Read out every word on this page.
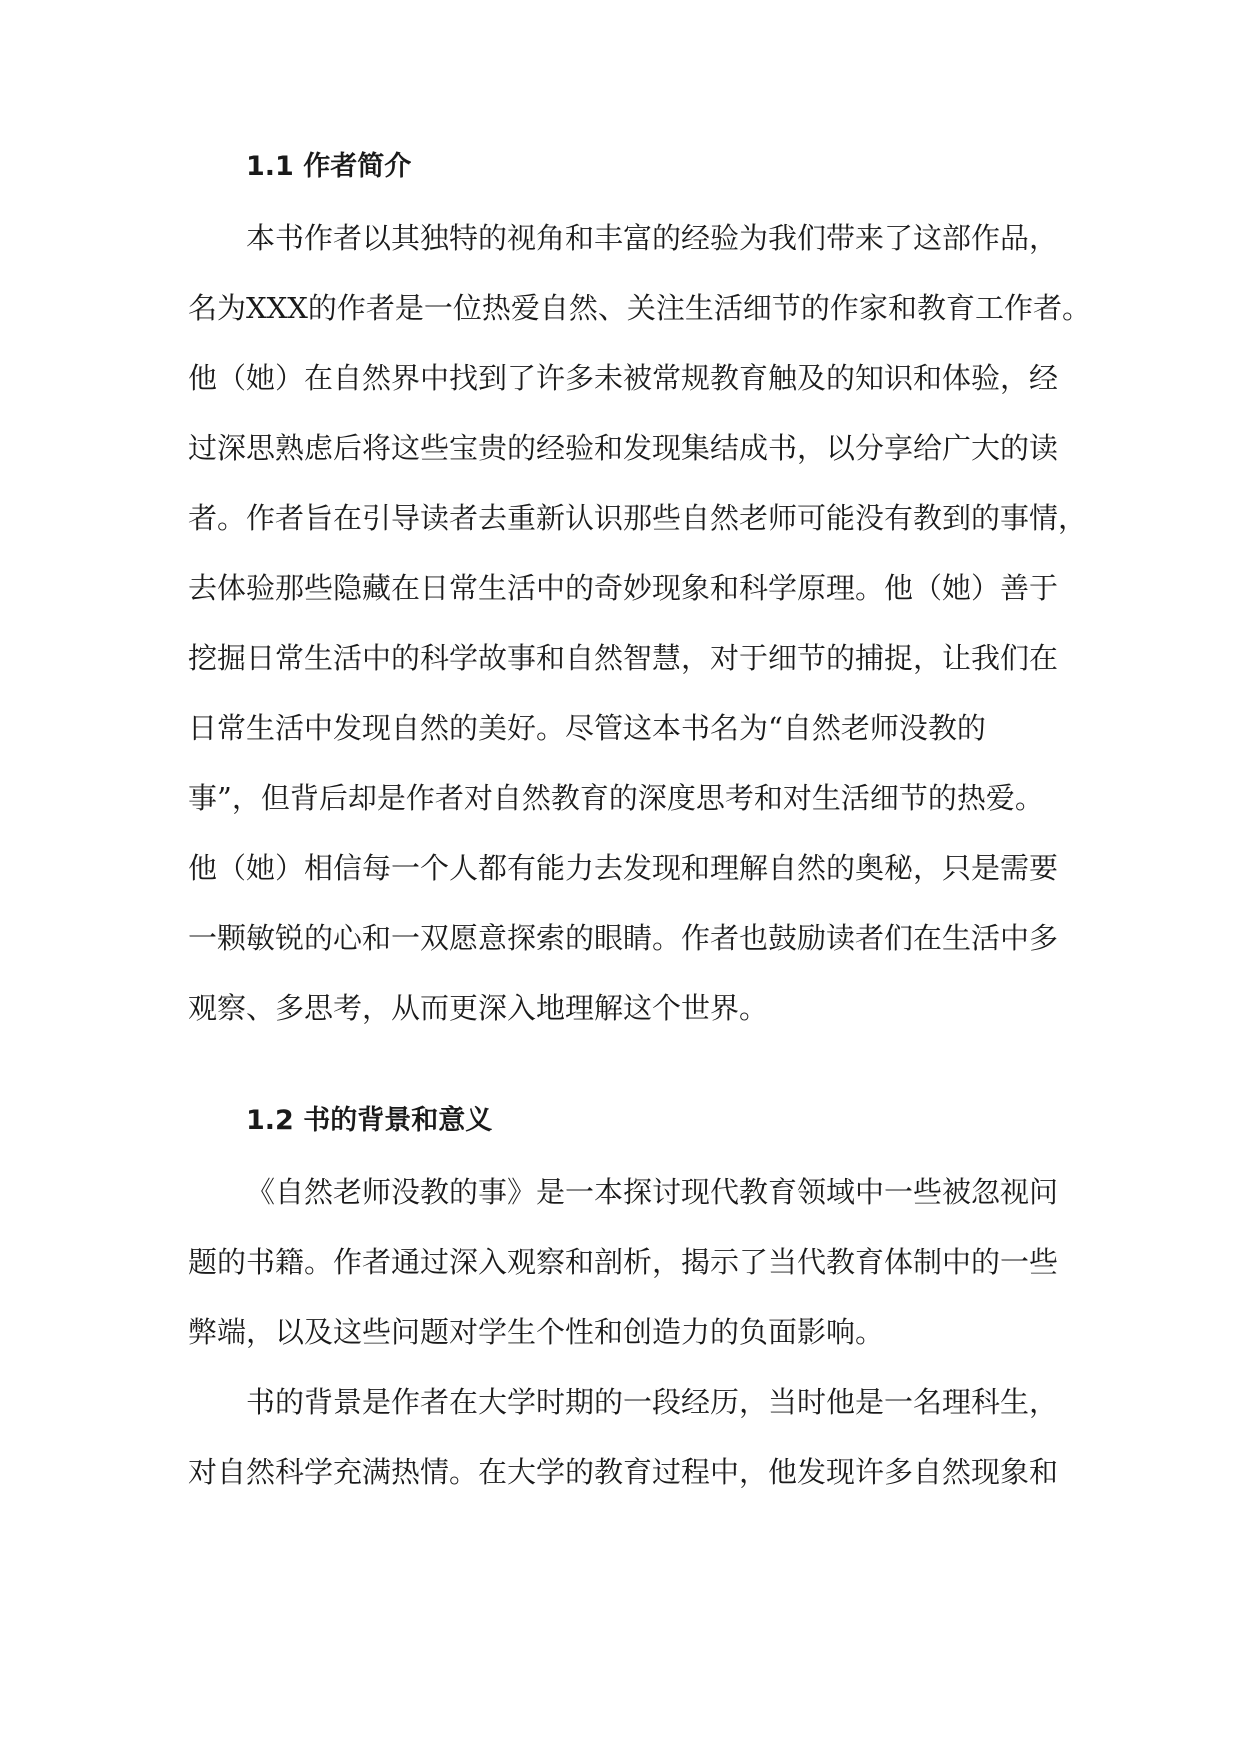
1.1 作者简介
本书作者以其独特的视角和丰富的经验为我们带来了这部作品，
名为XXX的作者是一位热爱自然、关注生活细节的作家和教育工作者。
他（她）在自然界中找到了许多未被常规教育触及的知识和体验，经
过深思熟虑后将这些宝贵的经验和发现集结成书，以分享给广大的读
者。作者旨在引导读者去重新认识那些自然老师可能没有教到的事情，
去体验那些隐藏在日常生活中的奇妙现象和科学原理。他（她）善于
挖掘日常生活中的科学故事和自然智慧，对于细节的捕捉，让我们在
日常生活中发现自然的美好。尽管这本书名为“自然老师没教的
事”，但背后却是作者对自然教育的深度思考和对生活细节的热爱。
他（她）相信每一个人都有能力去发现和理解自然的奥秘，只是需要
一颗敏锐的心和一双愿意探索的眼睛。作者也鼓励读者们在生活中多
观察、多思考，从而更深入地理解这个世界。
1.2 书的背景和意义
《自然老师没教的事》是一本探讨现代教育领域中一些被忽视问
题的书籍。作者通过深入观察和剖析，揭示了当代教育体制中的一些
弊端，以及这些问题对学生个性和创造力的负面影响。
书的背景是作者在大学时期的一段经历，当时他是一名理科生，
对自然科学充满热情。在大学的教育过程中，他发现许多自然现象和
